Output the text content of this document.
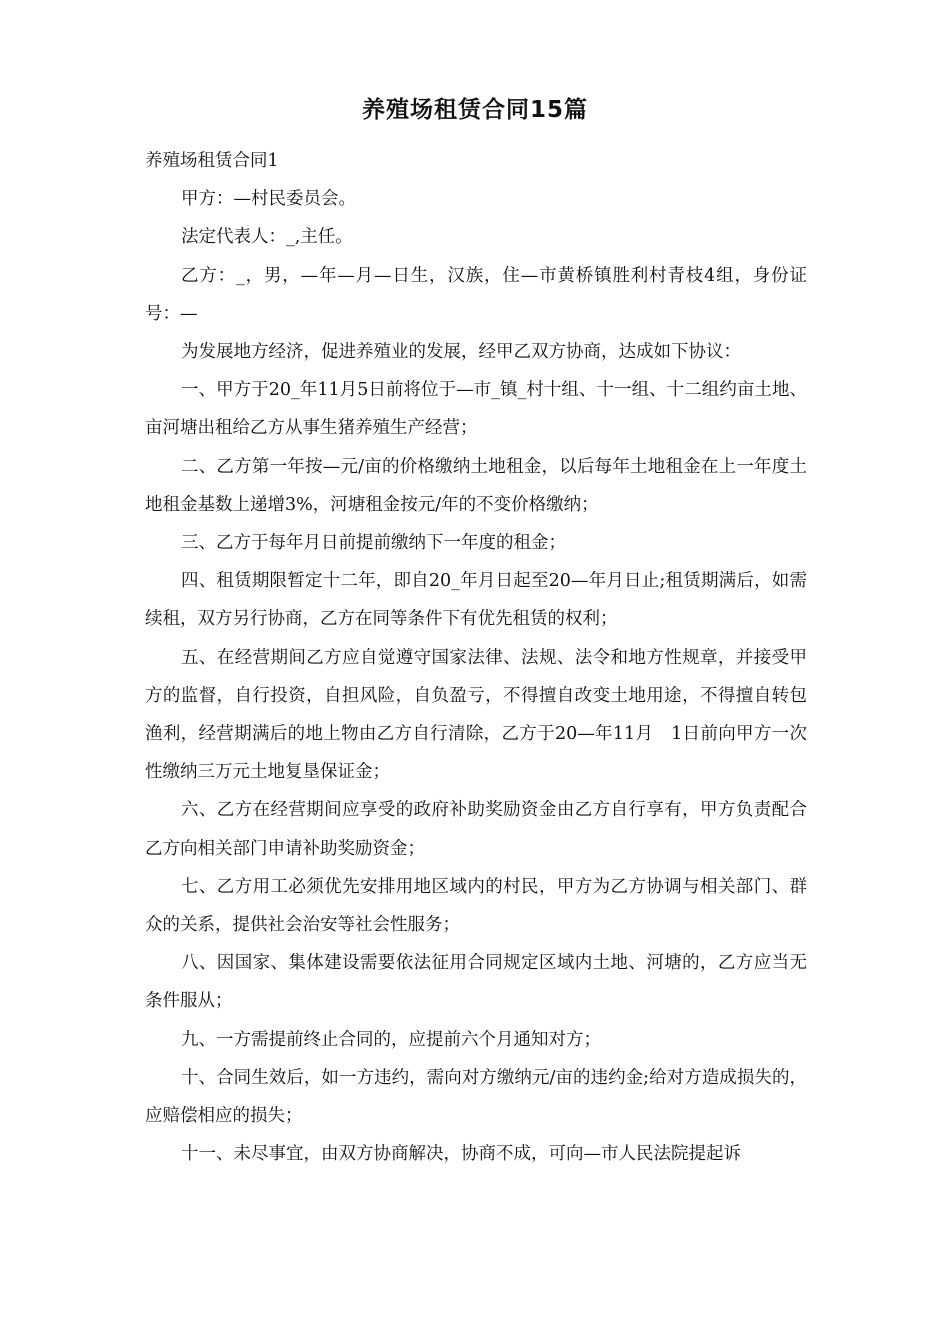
养殖场租赁合同15篇

养殖场租赁合同1

甲方：—村民委员会。

法定代表人：_,主任。

乙方：_，男，—年—月—日生，汉族，住—市黄桥镇胜利村青枝4组，身份证　号：—

为发展地方经济，促进养殖业的发展，经甲乙双方协商，达成如下协议：

一、甲方于20_年11月5日前将位于—市_镇_村十组、十一组、十二组约亩土地、亩河塘出租给乙方从事生猪养殖生产经营；

二、乙方第一年按—元/亩的价格缴纳土地租金，以后每年土地租金在上一年度土地租金基数上递增3%，河塘租金按元/年的不变价格缴纳；

三、乙方于每年月日前提前缴纳下一年度的租金；

四、租赁期限暂定十二年，即自20_年月日起至20—年月日止;租赁期满后，如需续租，双方另行协商，乙方在同等条件下有优先租赁的权利；

五、在经营期间乙方应自觉遵守国家法律、法规、法令和地方性规章，并接受甲方的监督，自行投资，自担风险，自负盈亏，不得擅自改变土地用途，不得擅自转包渔利，经营期满后的地上物由乙方自行清除，乙方于20—年11月　1日前向甲方一次性缴纳三万元土地复垦保证金；

六、乙方在经营期间应享受的政府补助奖励资金由乙方自行享有，甲方负责配合乙方向相关部门申请补助奖励资金；

七、乙方用工必须优先安排用地区域内的村民，甲方为乙方协调与相关部门、群众的关系，提供社会治安等社会性服务；

八、因国家、集体建设需要依法征用合同规定区域内土地、河塘的，乙方应当无条件服从；

九、一方需提前终止合同的，应提前六个月通知对方；

十、合同生效后，如一方违约，需向对方缴纳元/亩的违约金;给对方造成损失的，应赔偿相应的损失；

十一、未尽事宜，由双方协商解决，协商不成，可向—市人民法院提起诉
